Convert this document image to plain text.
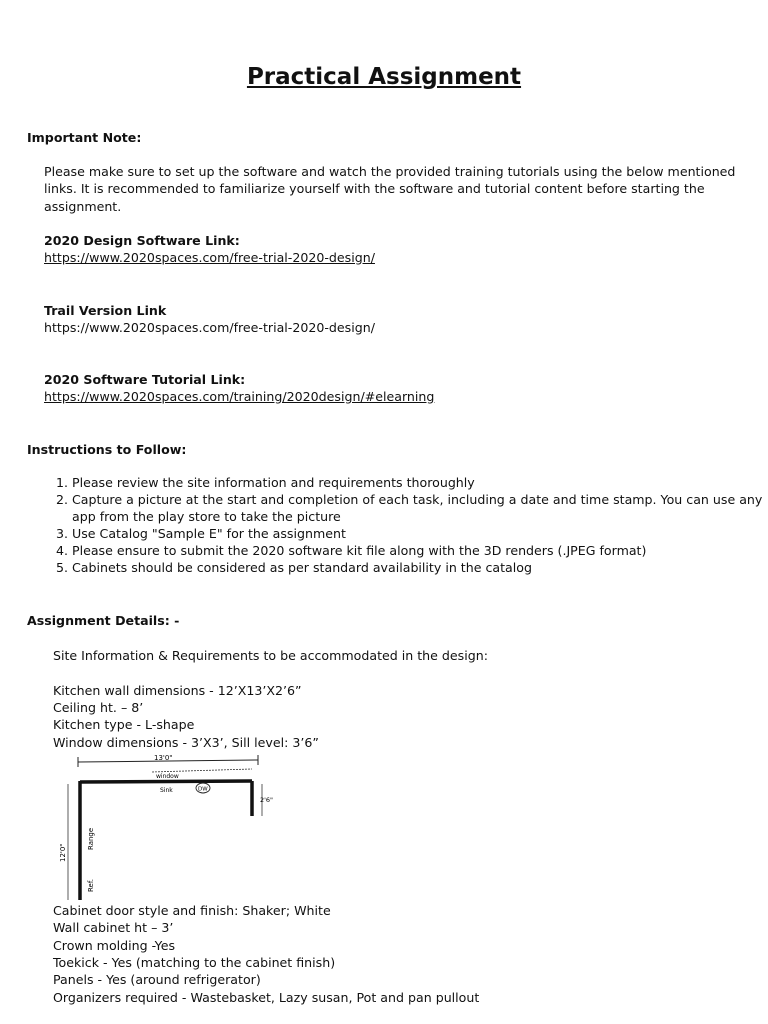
Practical Assignment
Important Note:
Please make sure to set up the software and watch the provided training tutorials using the below mentioned
links. It is recommended to familiarize yourself with the software and tutorial content before starting the
assignment.
2020 Design Software Link:
https://www.2020spaces.com/free-trial-2020-design/
Trail Version Link
https://www.2020spaces.com/free-trial-2020-design/
2020 Software Tutorial Link:
https://www.2020spaces.com/training/2020design/#elearning
Instructions to Follow:
1. Please review the site information and requirements thoroughly
2. Capture a picture at the start and completion of each task, including a date and time stamp. You can use any app from the play store to take the picture
3. Use Catalog "Sample E" for the assignment
4. Please ensure to submit the 2020 software kit file along with the 3D renders (.JPEG format)
5. Cabinets should be considered as per standard availability in the catalog
Assignment Details: -
Site Information & Requirements to be accommodated in the design:
Kitchen wall dimensions - 12’X13’X2’6”
Ceiling ht. – 8’
Kitchen type - L-shape
Window dimensions - 3’X3’, Sill level: 3’6”
13'0"
window
Sink	DW
2'6"
12'0"
Range
Ref.
Cabinet door style and finish: Shaker; White
Wall cabinet ht – 3’
Crown molding -Yes
Toekick - Yes (matching to the cabinet finish)
Panels - Yes (around refrigerator)
Organizers required - Wastebasket, Lazy susan, Pot and pan pullout
